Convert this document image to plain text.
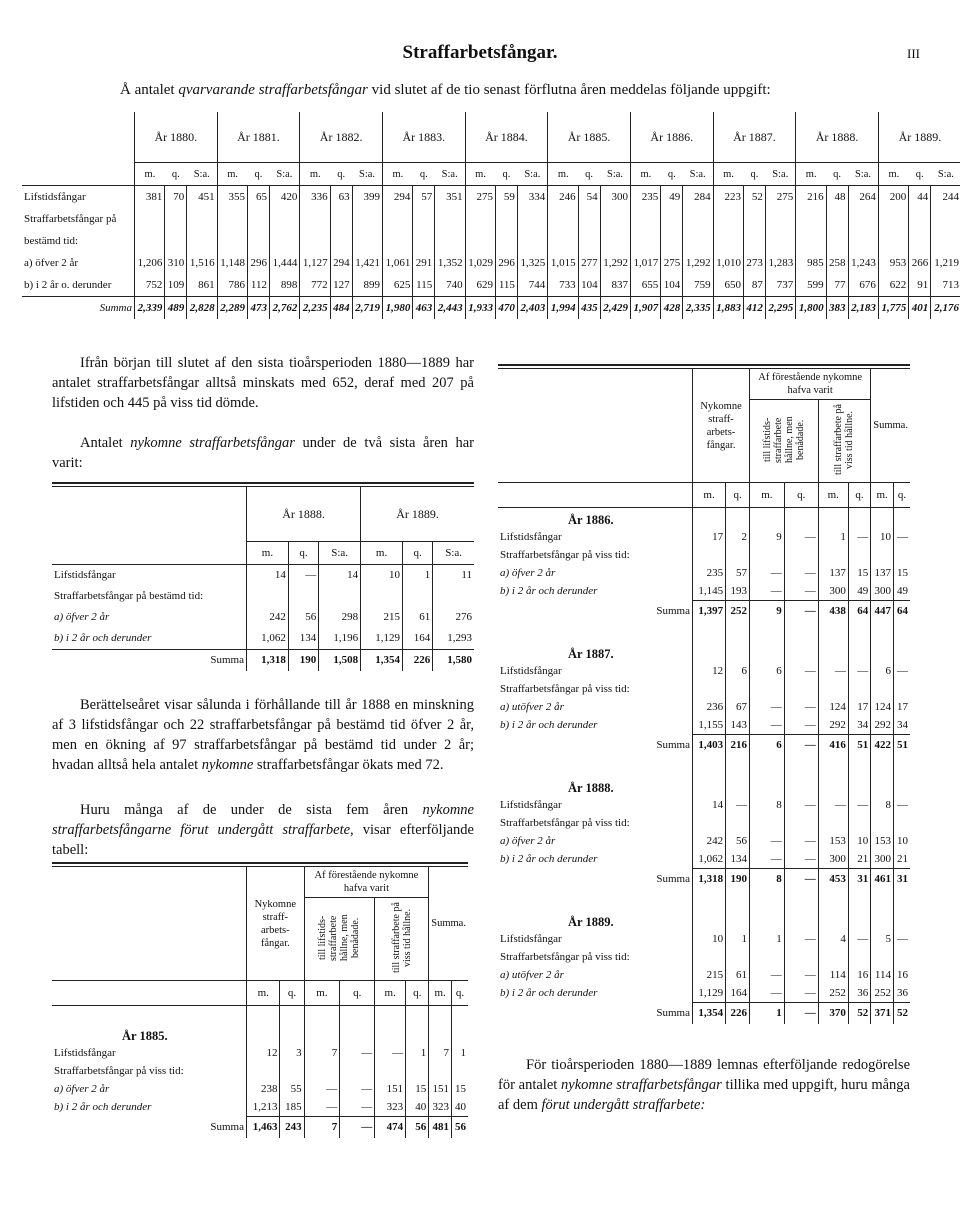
Straffarbetsfångar.	III
Å antalet qvarvarande straffarbetsfångar vid slutet af de tio senast förflutna åren meddelas följande uppgift:
	År 1880.			År 1881.			År 1882.			År 1883.			År 1884.			År 1885.			År 1886.			År 1887.			År 1888.			År 1889.		
	m.	q.	S:a.	m.	q.	S:a.	m.	q.	S:a.	m.	q.	S:a.	m.	q.	S:a.	m.	q.	S:a.	m.	q.	S:a.	m.	q.	S:a.	m.	q.	S:a.	m.	q.	S:a.
Lifstidsfångar	381	70	451	355	65	420	336	63	399	294	57	351	275	59	334	246	54	300	235	49	284	223	52	275	216	48	264	200	44	244
Straffarbetsfångar på																														
bestämd tid:																														
a) öfver 2 år	1,206	310	1,516	1,148	296	1,444	1,127	294	1,421	1,061	291	1,352	1,029	296	1,325	1,015	277	1,292	1,017	275	1,292	1,010	273	1,283	985	258	1,243	953	266	1,219
b) i 2 år o. derunder	752	109	861	786	112	898	772	127	899	625	115	740	629	115	744	733	104	837	655	104	759	650	87	737	599	77	676	622	91	713
Summa	2,339	489	2,828	2,289	473	2,762	2,235	484	2,719	1,980	463	2,443	1,933	470	2,403	1,994	435	2,429	1,907	428	2,335	1,883	412	2,295	1,800	383	2,183	1,775	401	2,176
Ifrån början till slutet af den sista tioårsperioden 1880—1889 har antalet straffarbetsfångar alltså minskats med 652, deraf med 207 på lifstiden och 445 på viss tid dömde.
Antalet nykomne straffarbetsfångar under de två sista åren har varit:
	År 1888.			År 1889.		
	m.	q.	S:a.	m.	q.	S:a.
Lifstidsfångar	14	—	14	10	1	11
Straffarbetsfångar på bestämd tid:						
a) öfver 2 år	242	56	298	215	61	276
b) i 2 år och derunder	1,062	134	1,196	1,129	164	1,293
Summa	1,318	190	1,508	1,354	226	1,580
Berättelseåret visar sålunda i förhållande till år 1888 en minskning af 3 lifstidsfångar och 22 straffarbetsfångar på bestämd tid öfver 2 år, men en ökning af 97 straffarbetsfångar på bestämd tid under 2 år; hvadan alltså hela antalet nykomne straffarbetsfångar ökats med 72.
Huru många af de under de sista fem åren nykomne straffarbetsfångarne förut undergått straffarbete, visar efterföljande tabell:
	Nykomne straff-arbets-fångar.		Af förestående nykomne hafva varit				Summa.	
			till lifstids-straffarbete hållne, men benådade.		till straffarbete på viss tid hållne.			
	m.	q.	m.	q.	m.	q.	m.	q.

År 1885.								
Lifstidsfångar	12	3	7	—	—	1	7	1
Straffarbetsfångar på viss tid:								
a) öfver 2 år	238	55	—	—	151	15	151	15
b) i 2 år och derunder	1,213	185	—	—	323	40	323	40
Summa	1,463	243	7	—	474	56	481	56
	Nykomne straff-arbets-fångar.		Af förestående nykomne hafva varit				Summa.	
			till lifstids-straffarbete hållne, men benådade.		till straffarbete på viss tid hållne.			
	m.	q.	m.	q.	m.	q.	m.	q.
År 1886.								
Lifstidsfångar	17	2	9	—	1	—	10	—
Straffarbetsfångar på viss tid:								
a) öfver 2 år	235	57	—	—	137	15	137	15
b) i 2 år och derunder	1,145	193	—	—	300	49	300	49
Summa	1,397	252	9	—	438	64	447	64

År 1887.								
Lifstidsfångar	12	6	6	—	—	—	6	—
Straffarbetsfångar på viss tid:								
a) utöfver 2 år	236	67	—	—	124	17	124	17
b) i 2 år och derunder	1,155	143	—	—	292	34	292	34
Summa	1,403	216	6	—	416	51	422	51

År 1888.								
Lifstidsfångar	14	—	8	—	—	—	8	—
Straffarbetsfångar på viss tid:								
a) öfver 2 år	242	56	—	—	153	10	153	10
b) i 2 år och derunder	1,062	134	—	—	300	21	300	21
Summa	1,318	190	8	—	453	31	461	31

År 1889.								
Lifstidsfångar	10	1	1	—	4	—	5	—
Straffarbetsfångar på viss tid:								
a) utöfver 2 år	215	61	—	—	114	16	114	16
b) i 2 år och derunder	1,129	164	—	—	252	36	252	36
Summa	1,354	226	1	—	370	52	371	52
För tioårsperioden 1880—1889 lemnas efterföljande redogörelse för antalet nykomne straffarbetsfångar tillika med uppgift, huru många af dem förut undergått straffarbete:
